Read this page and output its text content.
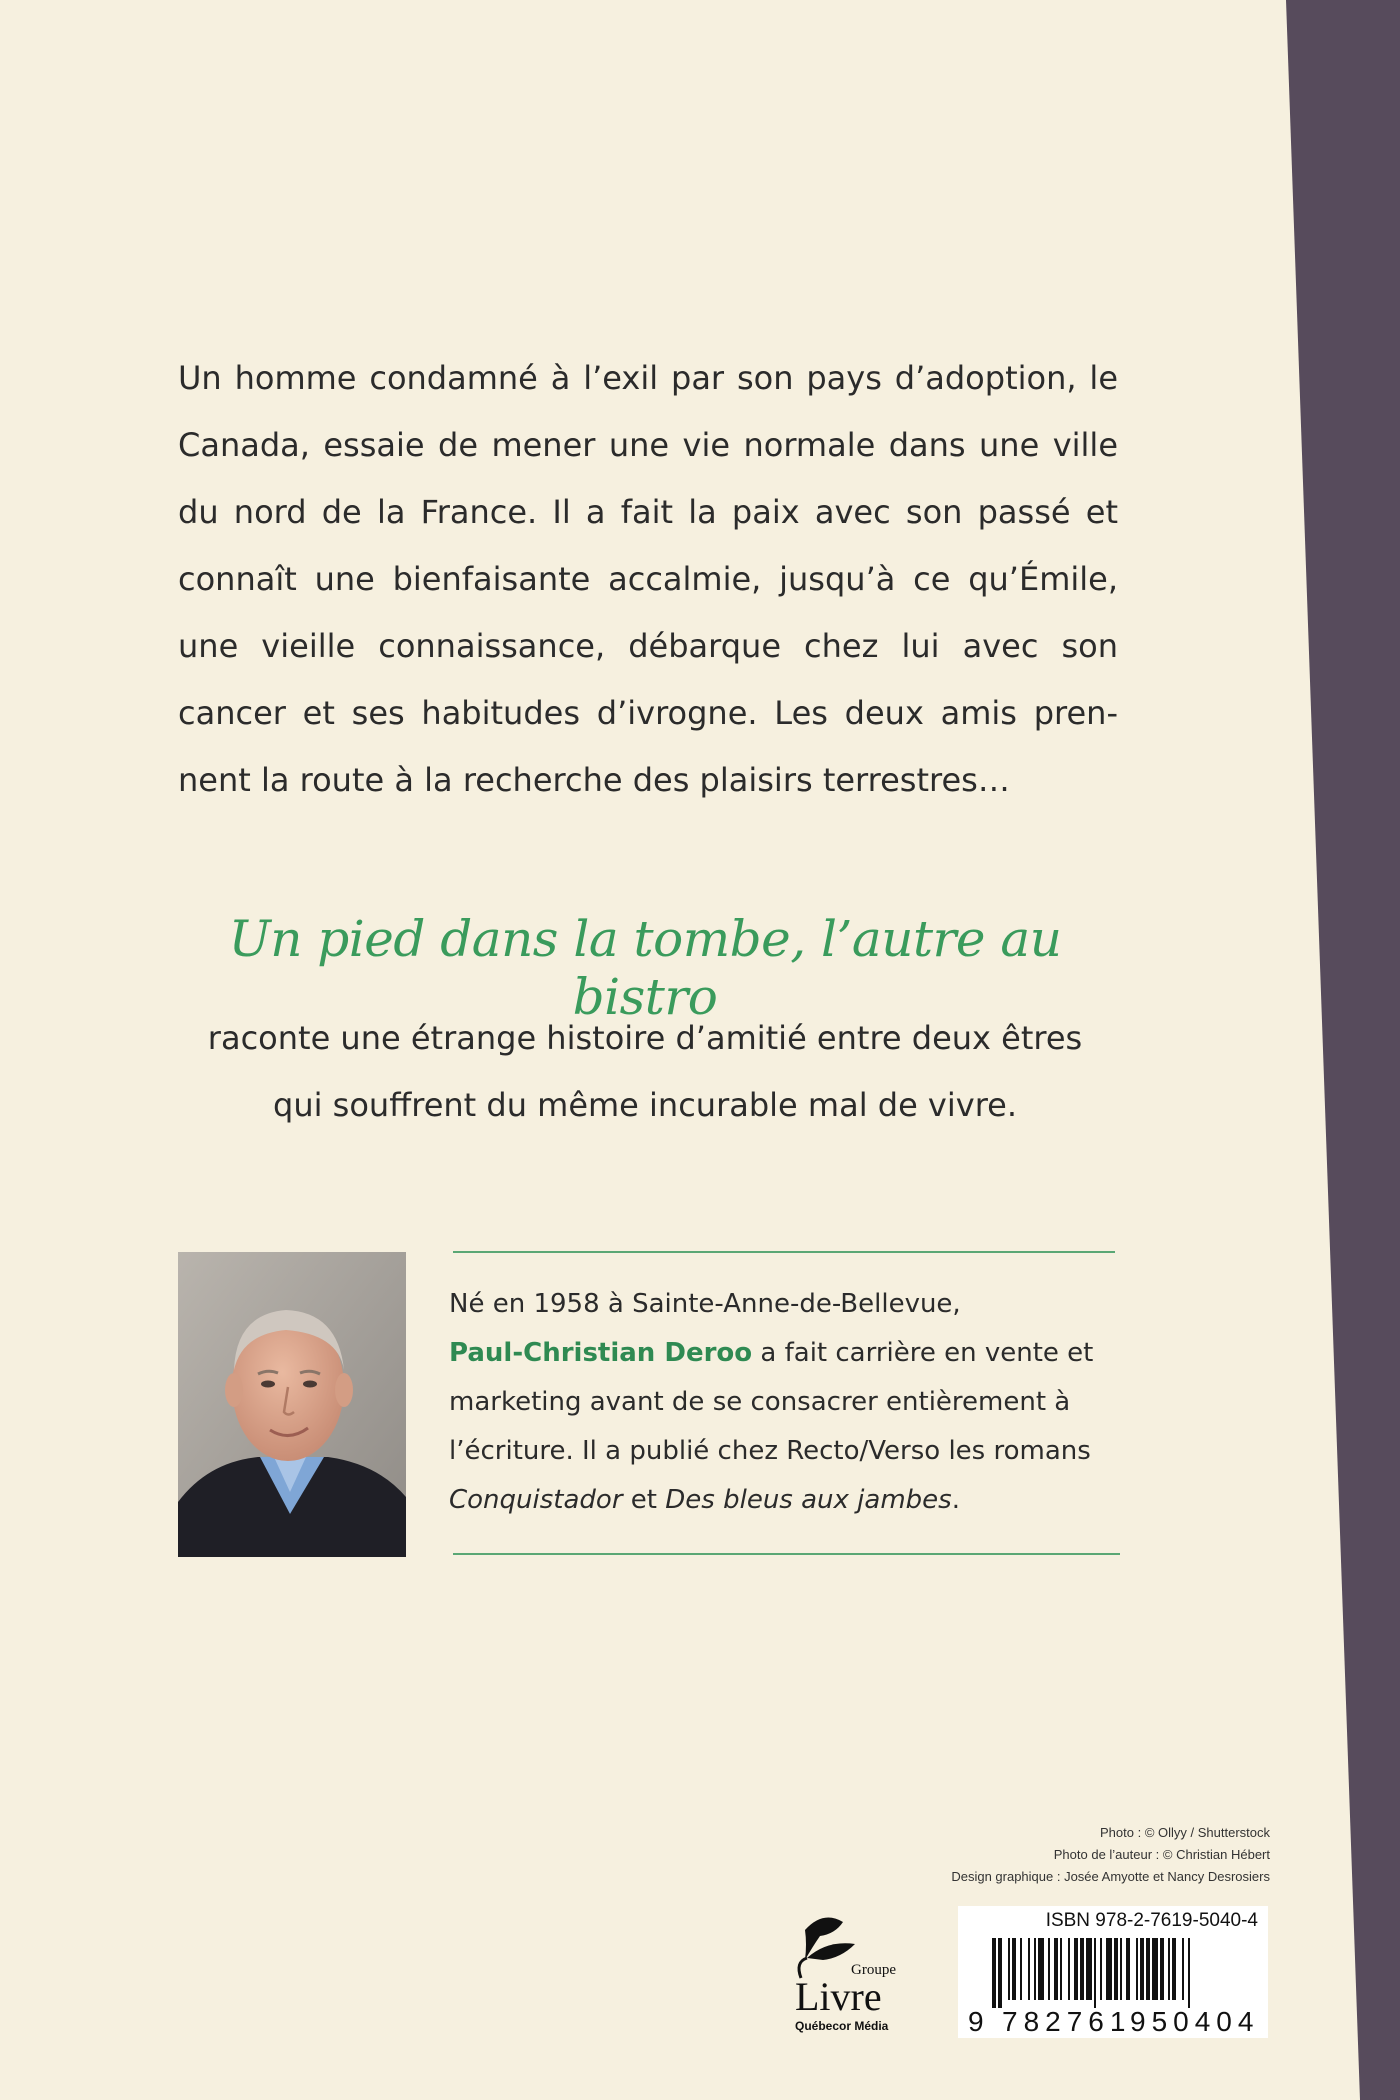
Un homme condamné à l’exil par son pays d’adoption, le
Canada, essaie de mener une vie normale dans une ville
du nord de la France. Il a fait la paix avec son passé et
connaît une bienfaisante accalmie, jusqu’à ce qu’Émile,
une vieille connaissance, débarque chez lui avec son
cancer et ses habitudes d’ivrogne. Les deux amis pren-
nent la route à la recherche des plaisirs terrestres…
Un pied dans la tombe, l’autre au bistro
raconte une étrange histoire d’amitié entre deux êtres
qui souffrent du même incurable mal de vivre.
Né en 1958 à Sainte-Anne-de-Bellevue,
Paul-Christian Deroo a fait carrière en vente et
marketing avant de se consacrer entièrement à
l’écriture. Il a publié chez Recto/Verso les romans
Conquistador et Des bleus aux jambes.
Photo : © Ollyy / Shutterstock
Photo de l’auteur : © Christian Hébert
Design graphique : Josée Amyotte et Nancy Desrosiers
Groupe
Livre
Québecor Média
ISBN 978-2-7619-5040-4
9 782761
950404
